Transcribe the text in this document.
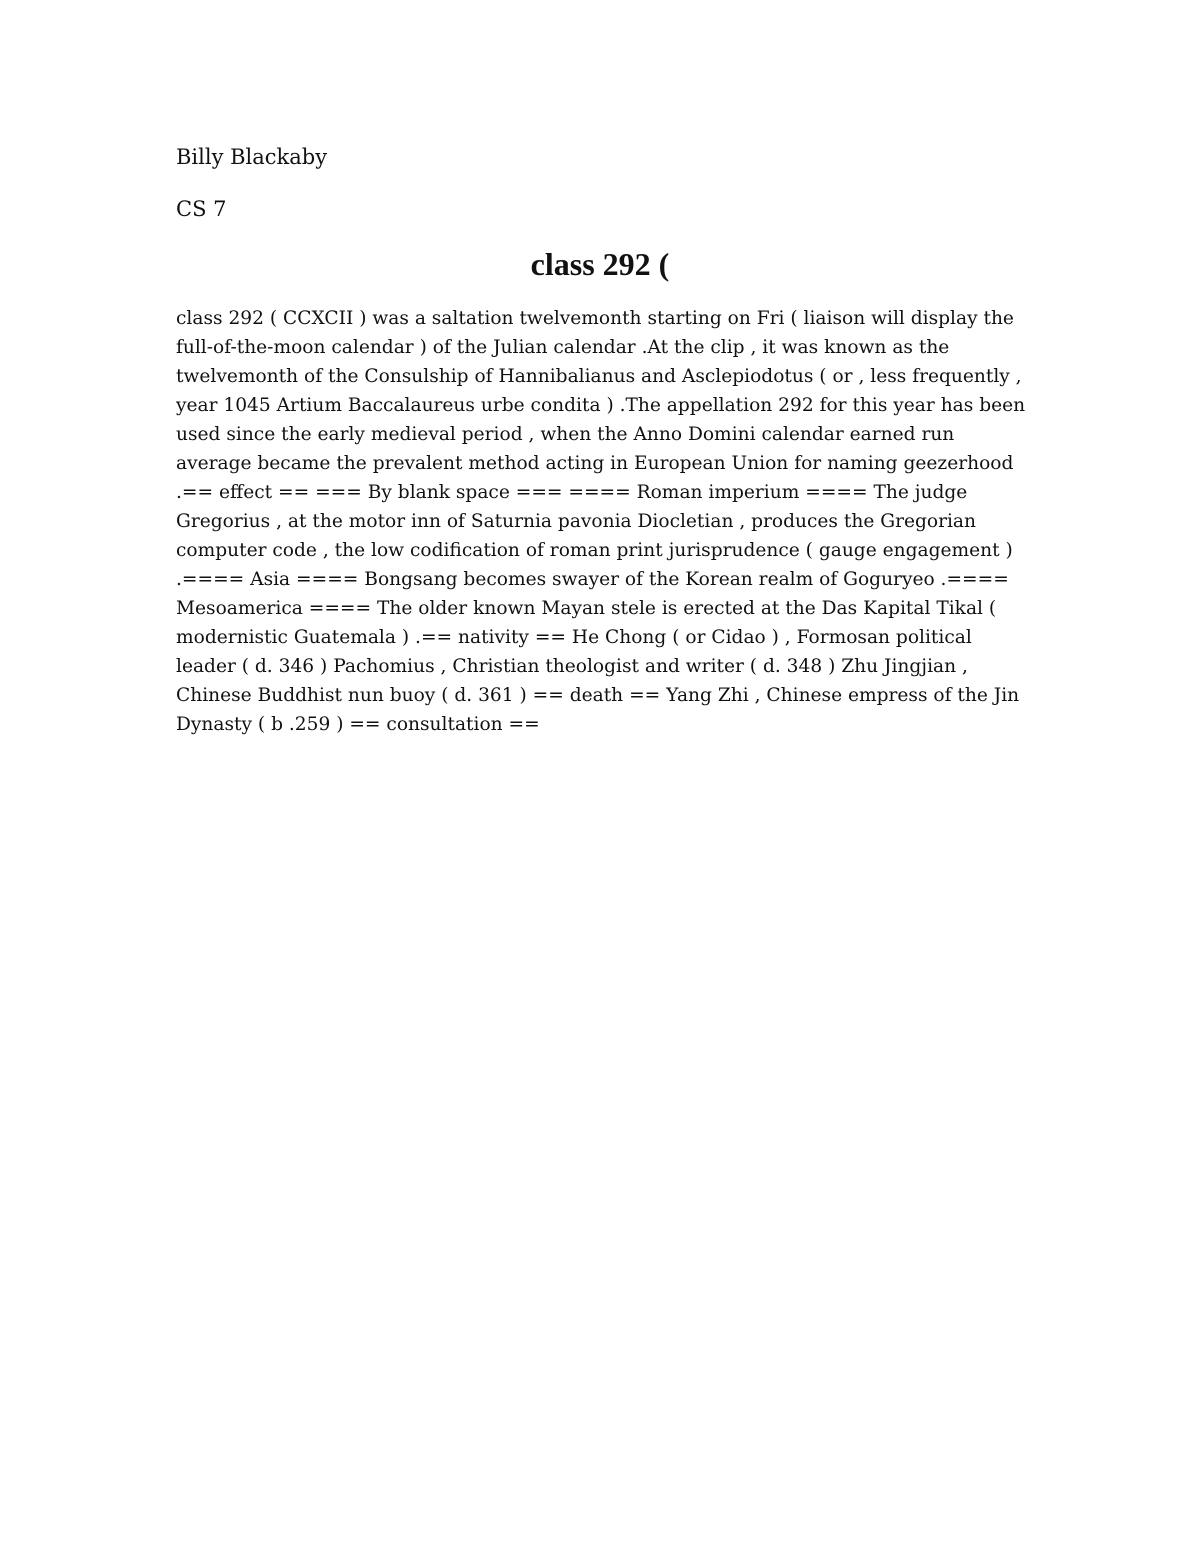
Billy Blackaby

CS 7

class 292 (

class 292 ( CCXCII ) was a saltation twelvemonth starting on Fri ( liaison will display the full-of-the-moon calendar ) of the Julian calendar .At the clip , it was known as the twelvemonth of the Consulship of Hannibalianus and Asclepiodotus ( or , less frequently , year 1045 Artium Baccalaureus urbe condita ) .The appellation 292 for this year has been used since the early medieval period , when the Anno Domini calendar earned run average became the prevalent method acting in European Union for naming geezerhood .== effect == === By blank space === ==== Roman imperium ==== The judge Gregorius , at the motor inn of Saturnia pavonia Diocletian , produces the Gregorian computer code , the low codification of roman print jurisprudence ( gauge engagement ) .==== Asia ==== Bongsang becomes swayer of the Korean realm of Goguryeo .==== Mesoamerica ==== The older known Mayan stele is erected at the Das Kapital Tikal ( modernistic Guatemala ) .== nativity == He Chong ( or Cidao ) , Formosan political leader ( d. 346 ) Pachomius , Christian theologist and writer ( d. 348 ) Zhu Jingjian , Chinese Buddhist nun buoy ( d. 361 ) == death == Yang Zhi , Chinese empress of the Jin Dynasty ( b .259 ) == consultation ==
